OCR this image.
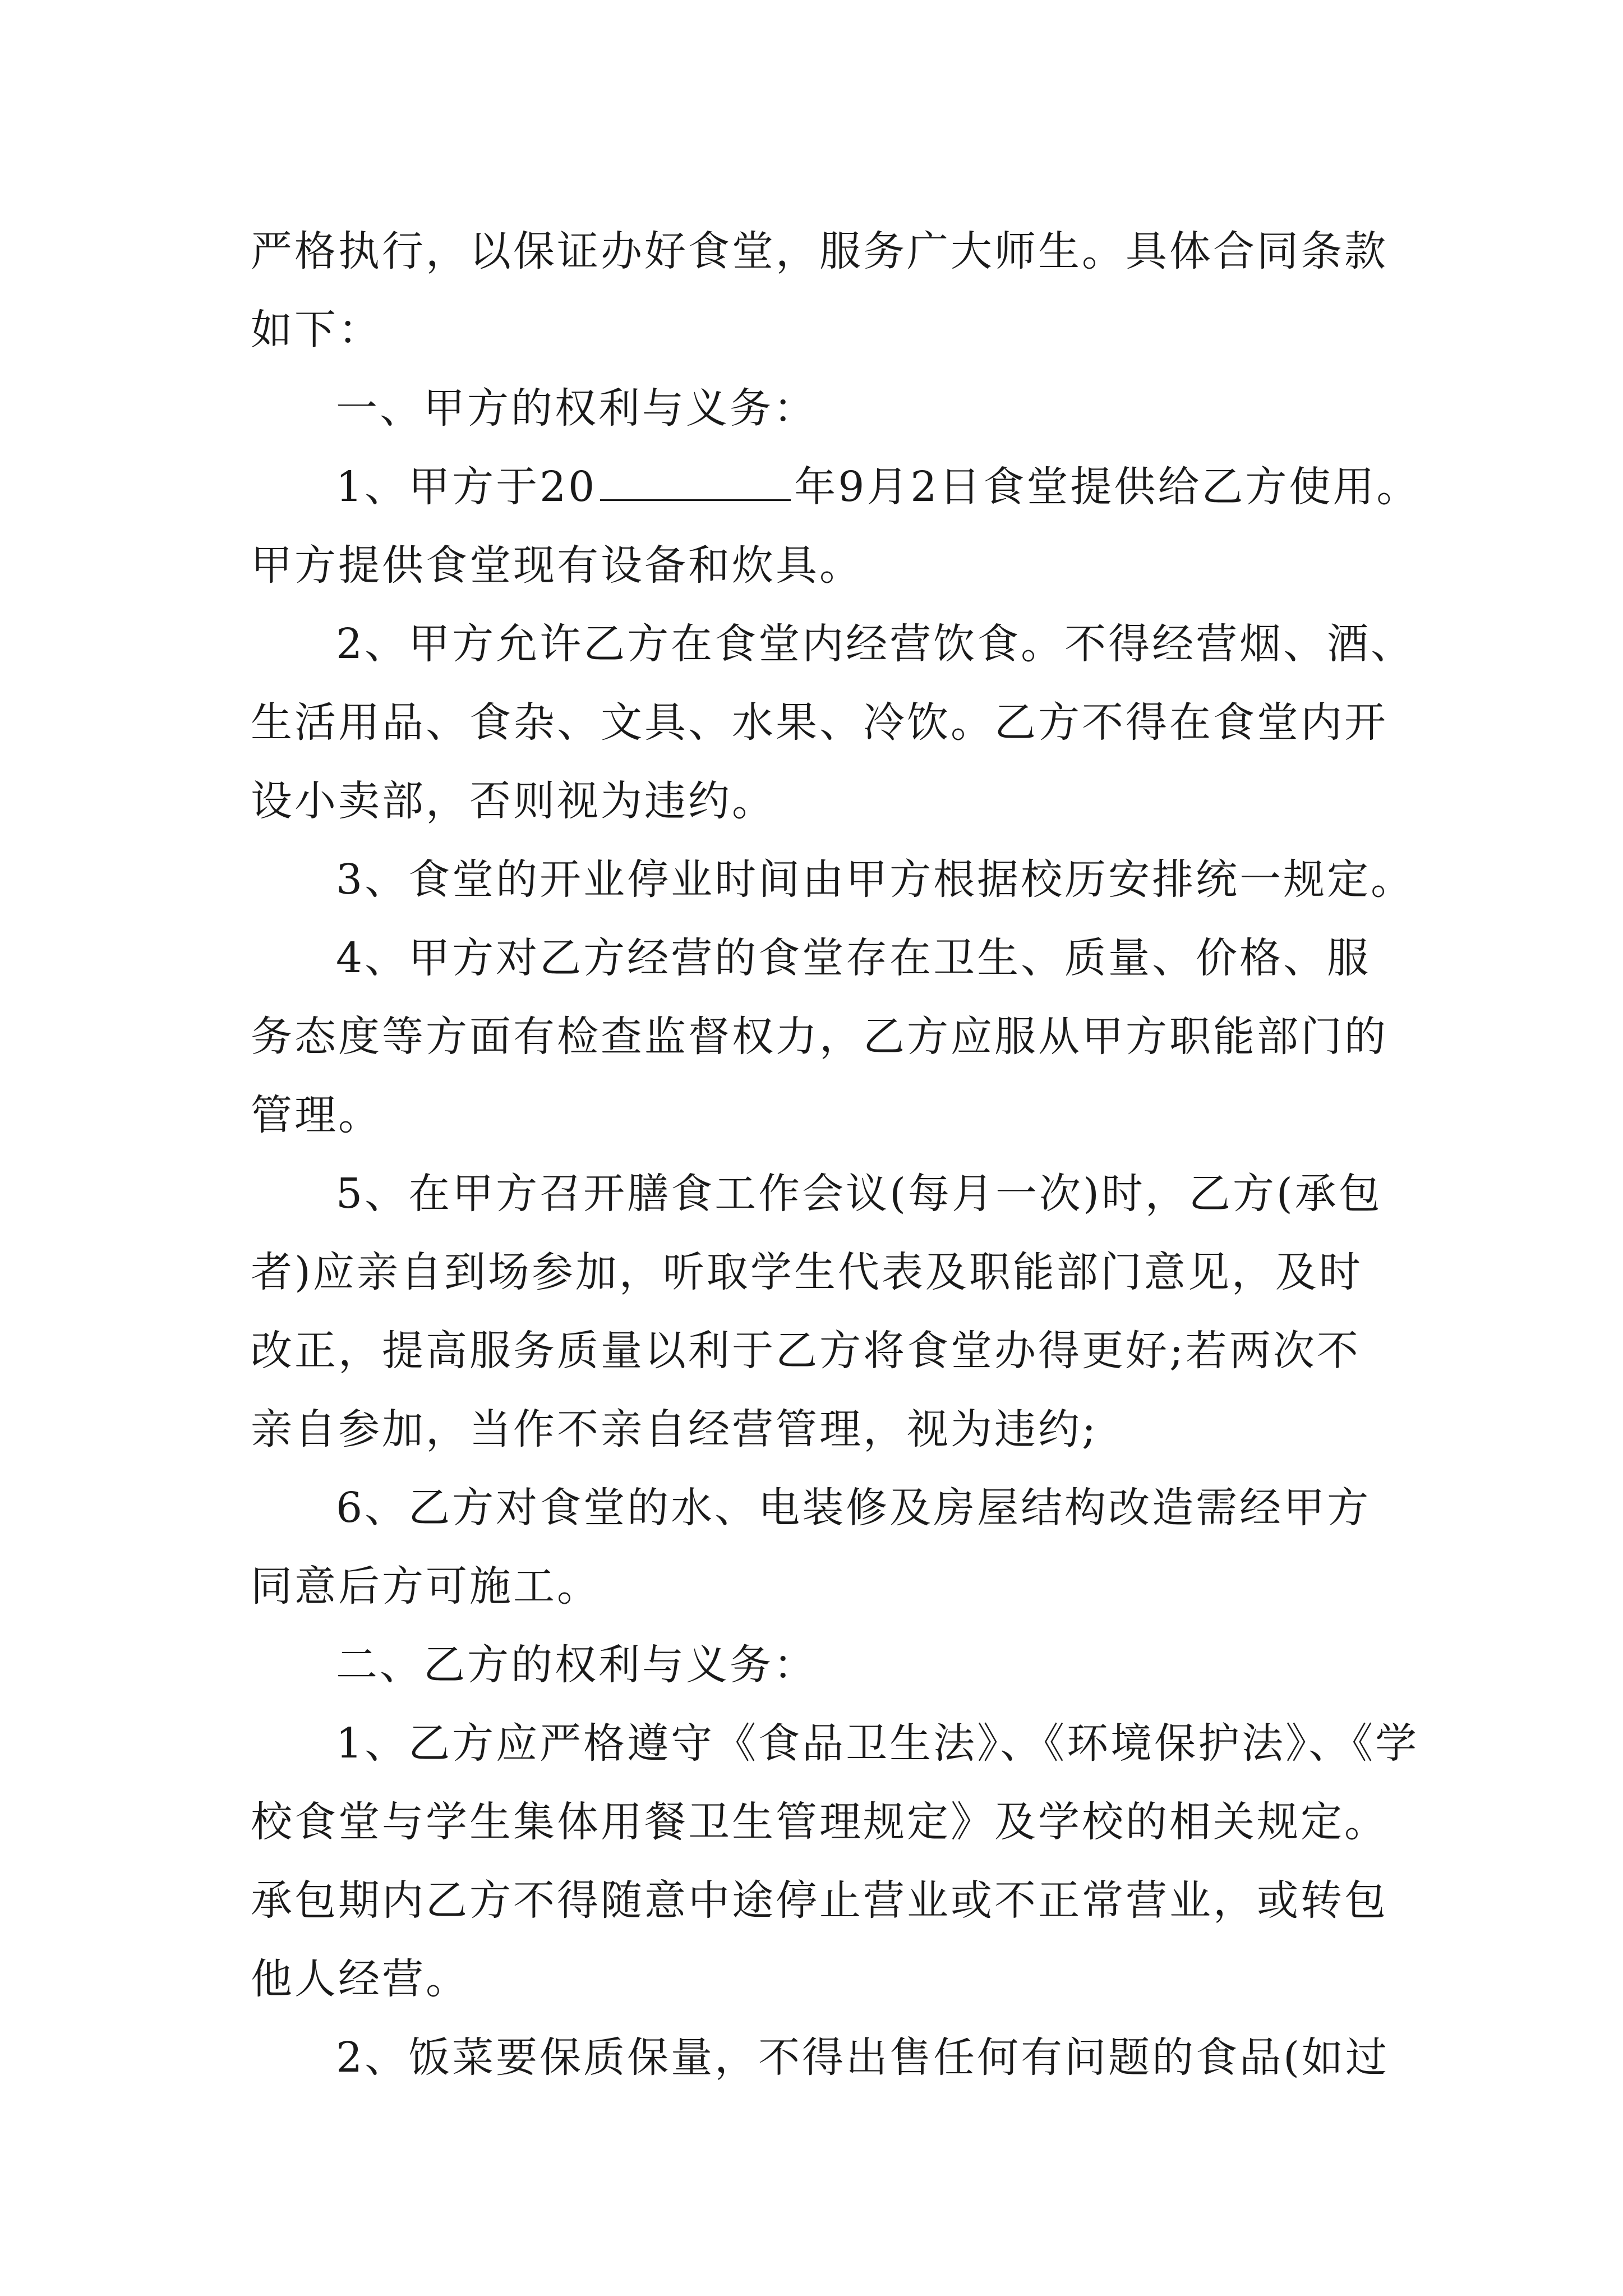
严格执行，以保证办好食堂，服务广大师生。具体合同条款
如下：
一、甲方的权利与义务：
1、甲方于20	年9月2日食堂提供给乙方使用。
甲方提供食堂现有设备和炊具。
2、甲方允许乙方在食堂内经营饮食。不得经营烟、酒、
生活用品、食杂、文具、水果、冷饮。乙方不得在食堂内开
设小卖部，否则视为违约。
3、食堂的开业停业时间由甲方根据校历安排统一规定。
4、甲方对乙方经营的食堂存在卫生、质量、价格、服
务态度等方面有检查监督权力，乙方应服从甲方职能部门的
管理。
5、在甲方召开膳食工作会议(每月一次)时，乙方(承包
者)应亲自到场参加，听取学生代表及职能部门意见，及时
改正，提高服务质量以利于乙方将食堂办得更好;若两次不
亲自参加，当作不亲自经营管理，视为违约;
6、乙方对食堂的水、电装修及房屋结构改造需经甲方
同意后方可施工。
二、乙方的权利与义务：
1、乙方应严格遵守《食品卫生法》、《环境保护法》、《学
校食堂与学生集体用餐卫生管理规定》及学校的相关规定。
承包期内乙方不得随意中途停止营业或不正常营业，或转包
他人经营。
2、饭菜要保质保量，不得出售任何有问题的食品(如过
